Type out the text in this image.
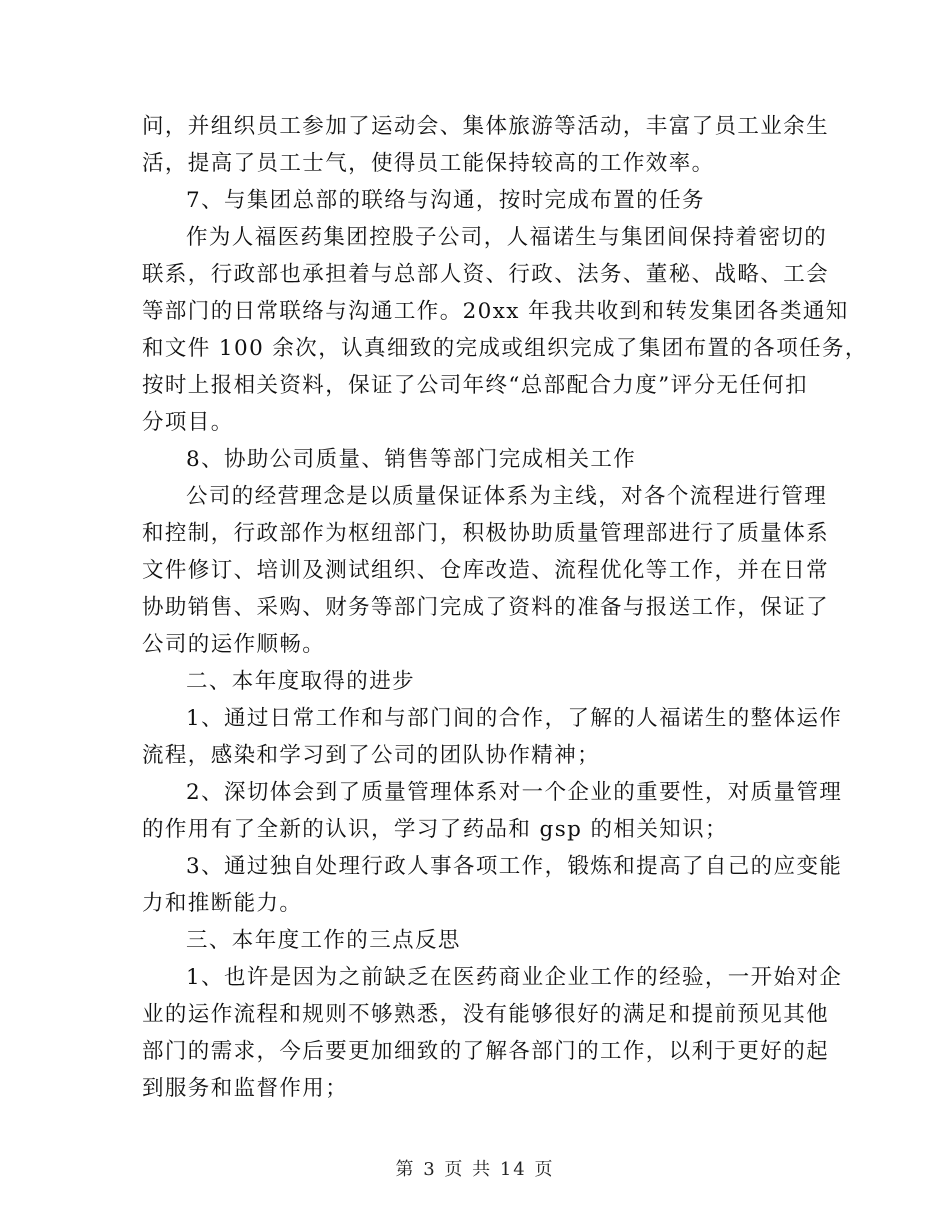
问，并组织员工参加了运动会、集体旅游等活动，丰富了员工业余生
活，提高了员工士气，使得员工能保持较高的工作效率。
7、与集团总部的联络与沟通，按时完成布置的任务
作为人福医药集团控股子公司，人福诺生与集团间保持着密切的
联系，行政部也承担着与总部人资、行政、法务、董秘、战略、工会
等部门的日常联络与沟通工作。20xx 年我共收到和转发集团各类通知
和文件 100 余次，认真细致的完成或组织完成了集团布置的各项任务，
按时上报相关资料，保证了公司年终“总部配合力度”评分无任何扣
分项目。
8、协助公司质量、销售等部门完成相关工作
公司的经营理念是以质量保证体系为主线，对各个流程进行管理
和控制，行政部作为枢纽部门，积极协助质量管理部进行了质量体系
文件修订、培训及测试组织、仓库改造、流程优化等工作，并在日常
协助销售、采购、财务等部门完成了资料的准备与报送工作，保证了
公司的运作顺畅。
二、本年度取得的进步
1、通过日常工作和与部门间的合作，了解的人福诺生的整体运作
流程，感染和学习到了公司的团队协作精神；
2、深切体会到了质量管理体系对一个企业的重要性，对质量管理
的作用有了全新的认识，学习了药品和 gsp 的相关知识；
3、通过独自处理行政人事各项工作，锻炼和提高了自己的应变能
力和推断能力。
三、本年度工作的三点反思
1、也许是因为之前缺乏在医药商业企业工作的经验，一开始对企
业的运作流程和规则不够熟悉，没有能够很好的满足和提前预见其他
部门的需求，今后要更加细致的了解各部门的工作，以利于更好的起
到服务和监督作用；
第 3 页 共 14 页
